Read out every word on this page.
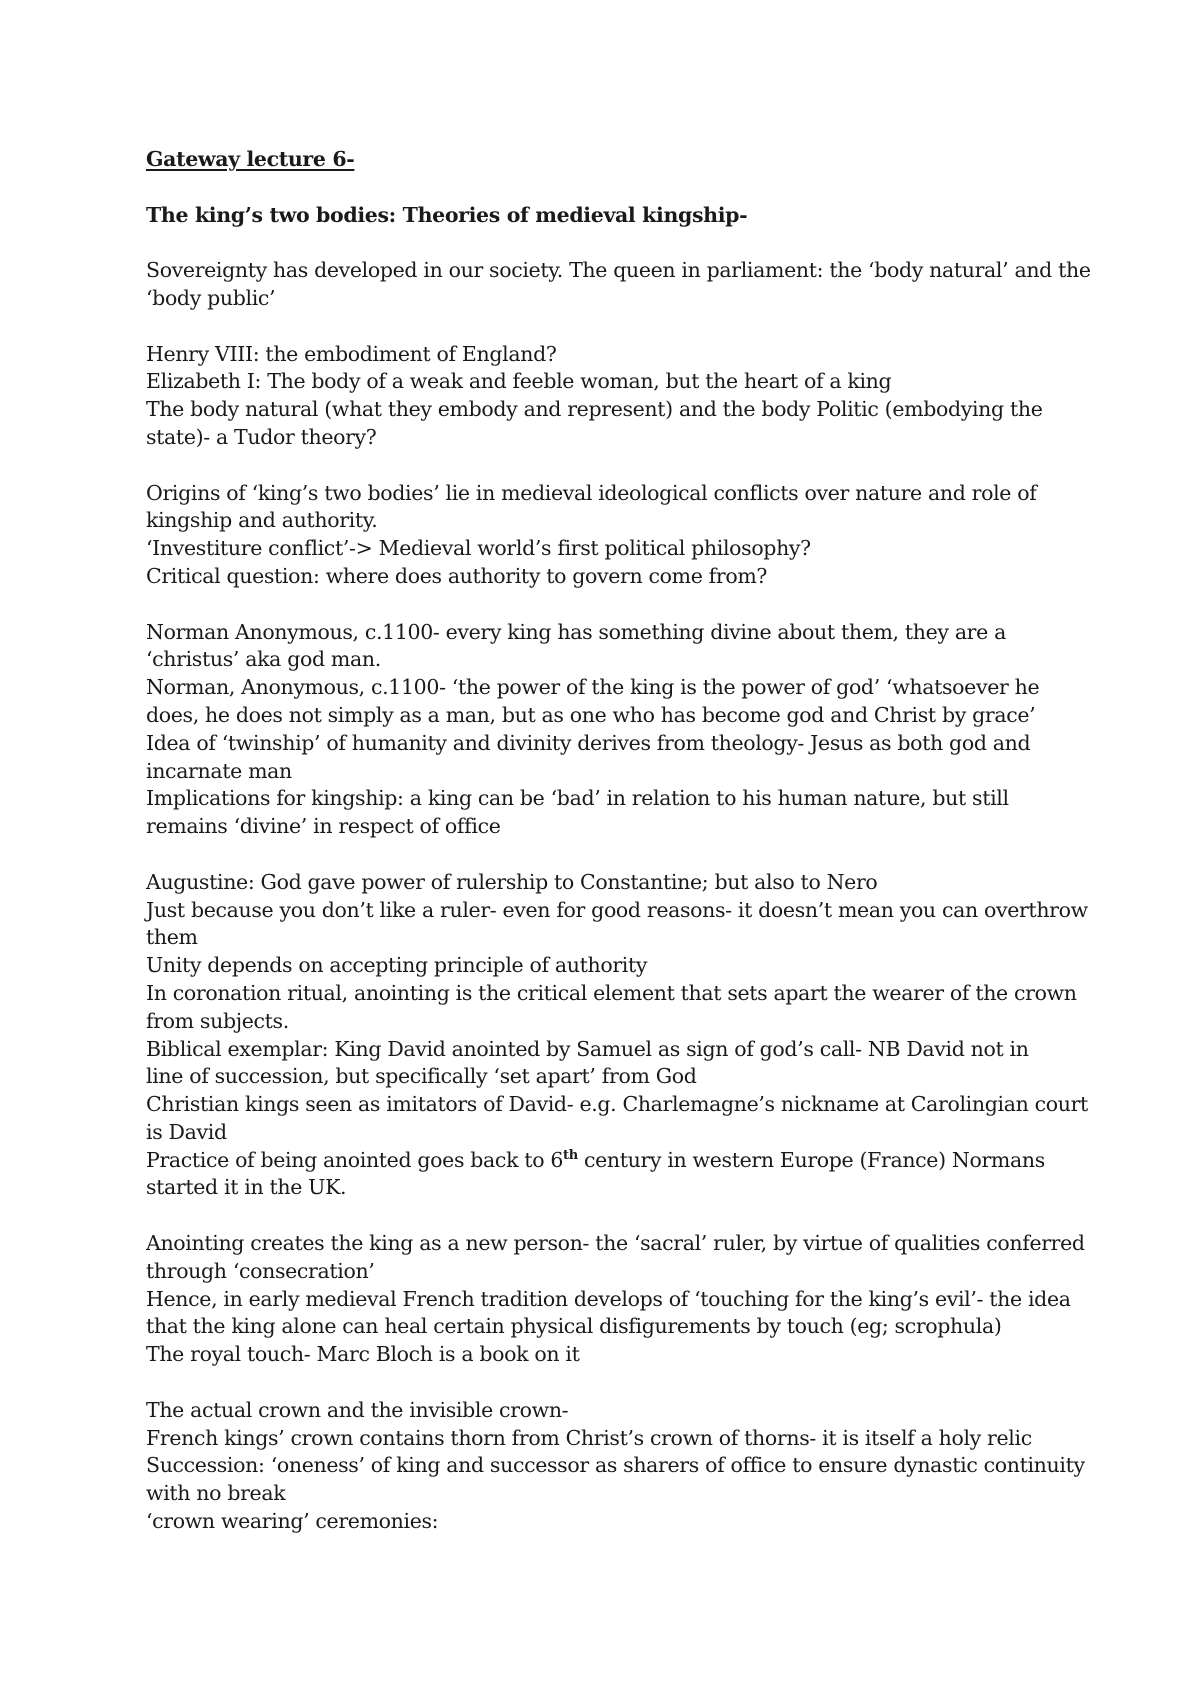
Gateway lecture 6-
The king’s two bodies: Theories of medieval kingship-
Sovereignty has developed in our society. The queen in parliament: the ‘body natural’ and the
‘body public’
Henry VIII: the embodiment of England?
Elizabeth I: The body of a weak and feeble woman, but the heart of a king
The body natural (what they embody and represent) and the body Politic (embodying the
state)- a Tudor theory?
Origins of ‘king’s two bodies’ lie in medieval ideological conflicts over nature and role of
kingship and authority.
‘Investiture conflict’-> Medieval world’s first political philosophy?
Critical question: where does authority to govern come from?
Norman Anonymous, c.1100- every king has something divine about them, they are a
‘christus’ aka god man.
Norman, Anonymous, c.1100- ‘the power of the king is the power of god’ ‘whatsoever he
does, he does not simply as a man, but as one who has become god and Christ by grace’
Idea of ‘twinship’ of humanity and divinity derives from theology- Jesus as both god and
incarnate man
Implications for kingship: a king can be ‘bad’ in relation to his human nature, but still
remains ‘divine’ in respect of office
Augustine: God gave power of rulership to Constantine; but also to Nero
Just because you don’t like a ruler- even for good reasons- it doesn’t mean you can overthrow
them
Unity depends on accepting principle of authority
In coronation ritual, anointing is the critical element that sets apart the wearer of the crown
from subjects.
Biblical exemplar: King David anointed by Samuel as sign of god’s call- NB David not in
line of succession, but specifically ‘set apart’ from God
Christian kings seen as imitators of David- e.g. Charlemagne’s nickname at Carolingian court
is David
Practice of being anointed goes back to 6th century in western Europe (France) Normans
started it in the UK.
Anointing creates the king as a new person- the ‘sacral’ ruler, by virtue of qualities conferred
through ‘consecration’
Hence, in early medieval French tradition develops of ‘touching for the king’s evil’- the idea
that the king alone can heal certain physical disfigurements by touch (eg; scrophula)
The royal touch- Marc Bloch is a book on it
The actual crown and the invisible crown-
French kings’ crown contains thorn from Christ’s crown of thorns- it is itself a holy relic
Succession: ‘oneness’ of king and successor as sharers of office to ensure dynastic continuity
with no break
‘crown wearing’ ceremonies:
